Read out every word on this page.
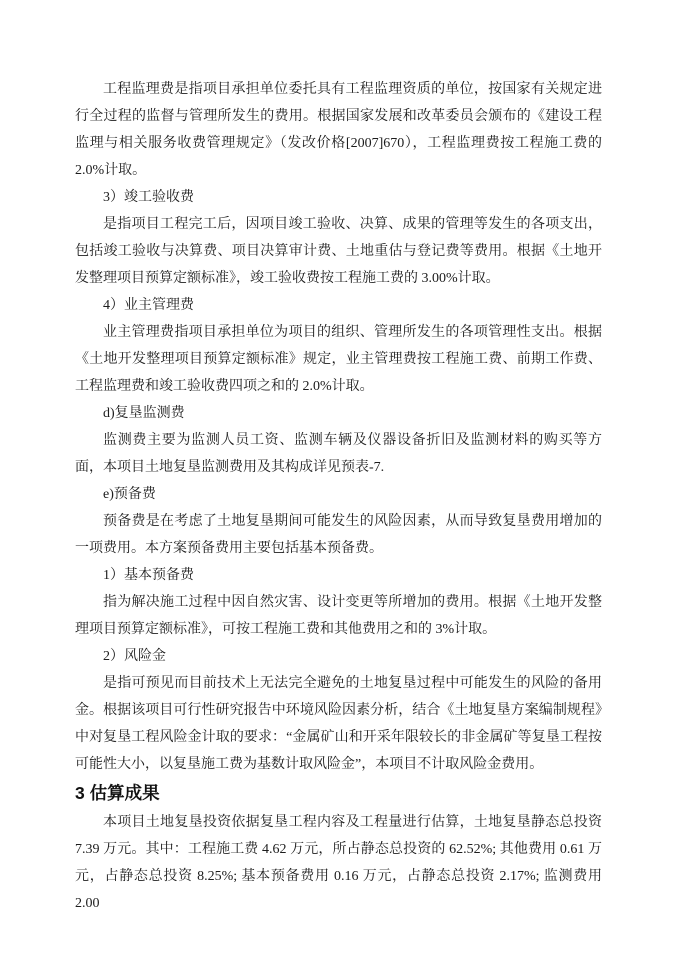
工程监理费是指项目承担单位委托具有工程监理资质的单位，按国家有关规定进行全过程的监督与管理所发生的费用。根据国家发展和改革委员会颁布的《建设工程监理与相关服务收费管理规定》（发改价格[2007]670），工程监理费按工程施工费的 2.0%计取。

3）竣工验收费

是指项目工程完工后，因项目竣工验收、决算、成果的管理等发生的各项支出，包括竣工验收与决算费、项目决算审计费、土地重估与登记费等费用。根据《土地开发整理项目预算定额标准》，竣工验收费按工程施工费的 3.00%计取。

4）业主管理费

业主管理费指项目承担单位为项目的组织、管理所发生的各项管理性支出。根据《土地开发整理项目预算定额标准》规定，业主管理费按工程施工费、前期工作费、工程监理费和竣工验收费四项之和的 2.0%计取。

d)复垦监测费

监测费主要为监测人员工资、监测车辆及仪器设备折旧及监测材料的购买等方面，本项目土地复垦监测费用及其构成详见预表-7.

e)预备费

预备费是在考虑了土地复垦期间可能发生的风险因素，从而导致复垦费用增加的一项费用。本方案预备费用主要包括基本预备费。

1）基本预备费

指为解决施工过程中因自然灾害、设计变更等所增加的费用。根据《土地开发整理项目预算定额标准》，可按工程施工费和其他费用之和的 3%计取。

2）风险金

是指可预见而目前技术上无法完全避免的土地复垦过程中可能发生的风险的备用金。根据该项目可行性研究报告中环境风险因素分析，结合《土地复垦方案编制规程》中对复垦工程风险金计取的要求：“金属矿山和开采年限较长的非金属矿等复垦工程按可能性大小，以复垦施工费为基数计取风险金”，本项目不计取风险金费用。

3 估算成果

本项目土地复垦投资依据复垦工程内容及工程量进行估算，土地复垦静态总投资 7.39 万元。其中：工程施工费 4.62 万元，所占静态总投资的 62.52%; 其他费用 0.61 万元，占静态总投资 8.25%; 基本预备费用 0.16 万元，占静态总投资 2.17%; 监测费用 2.00
